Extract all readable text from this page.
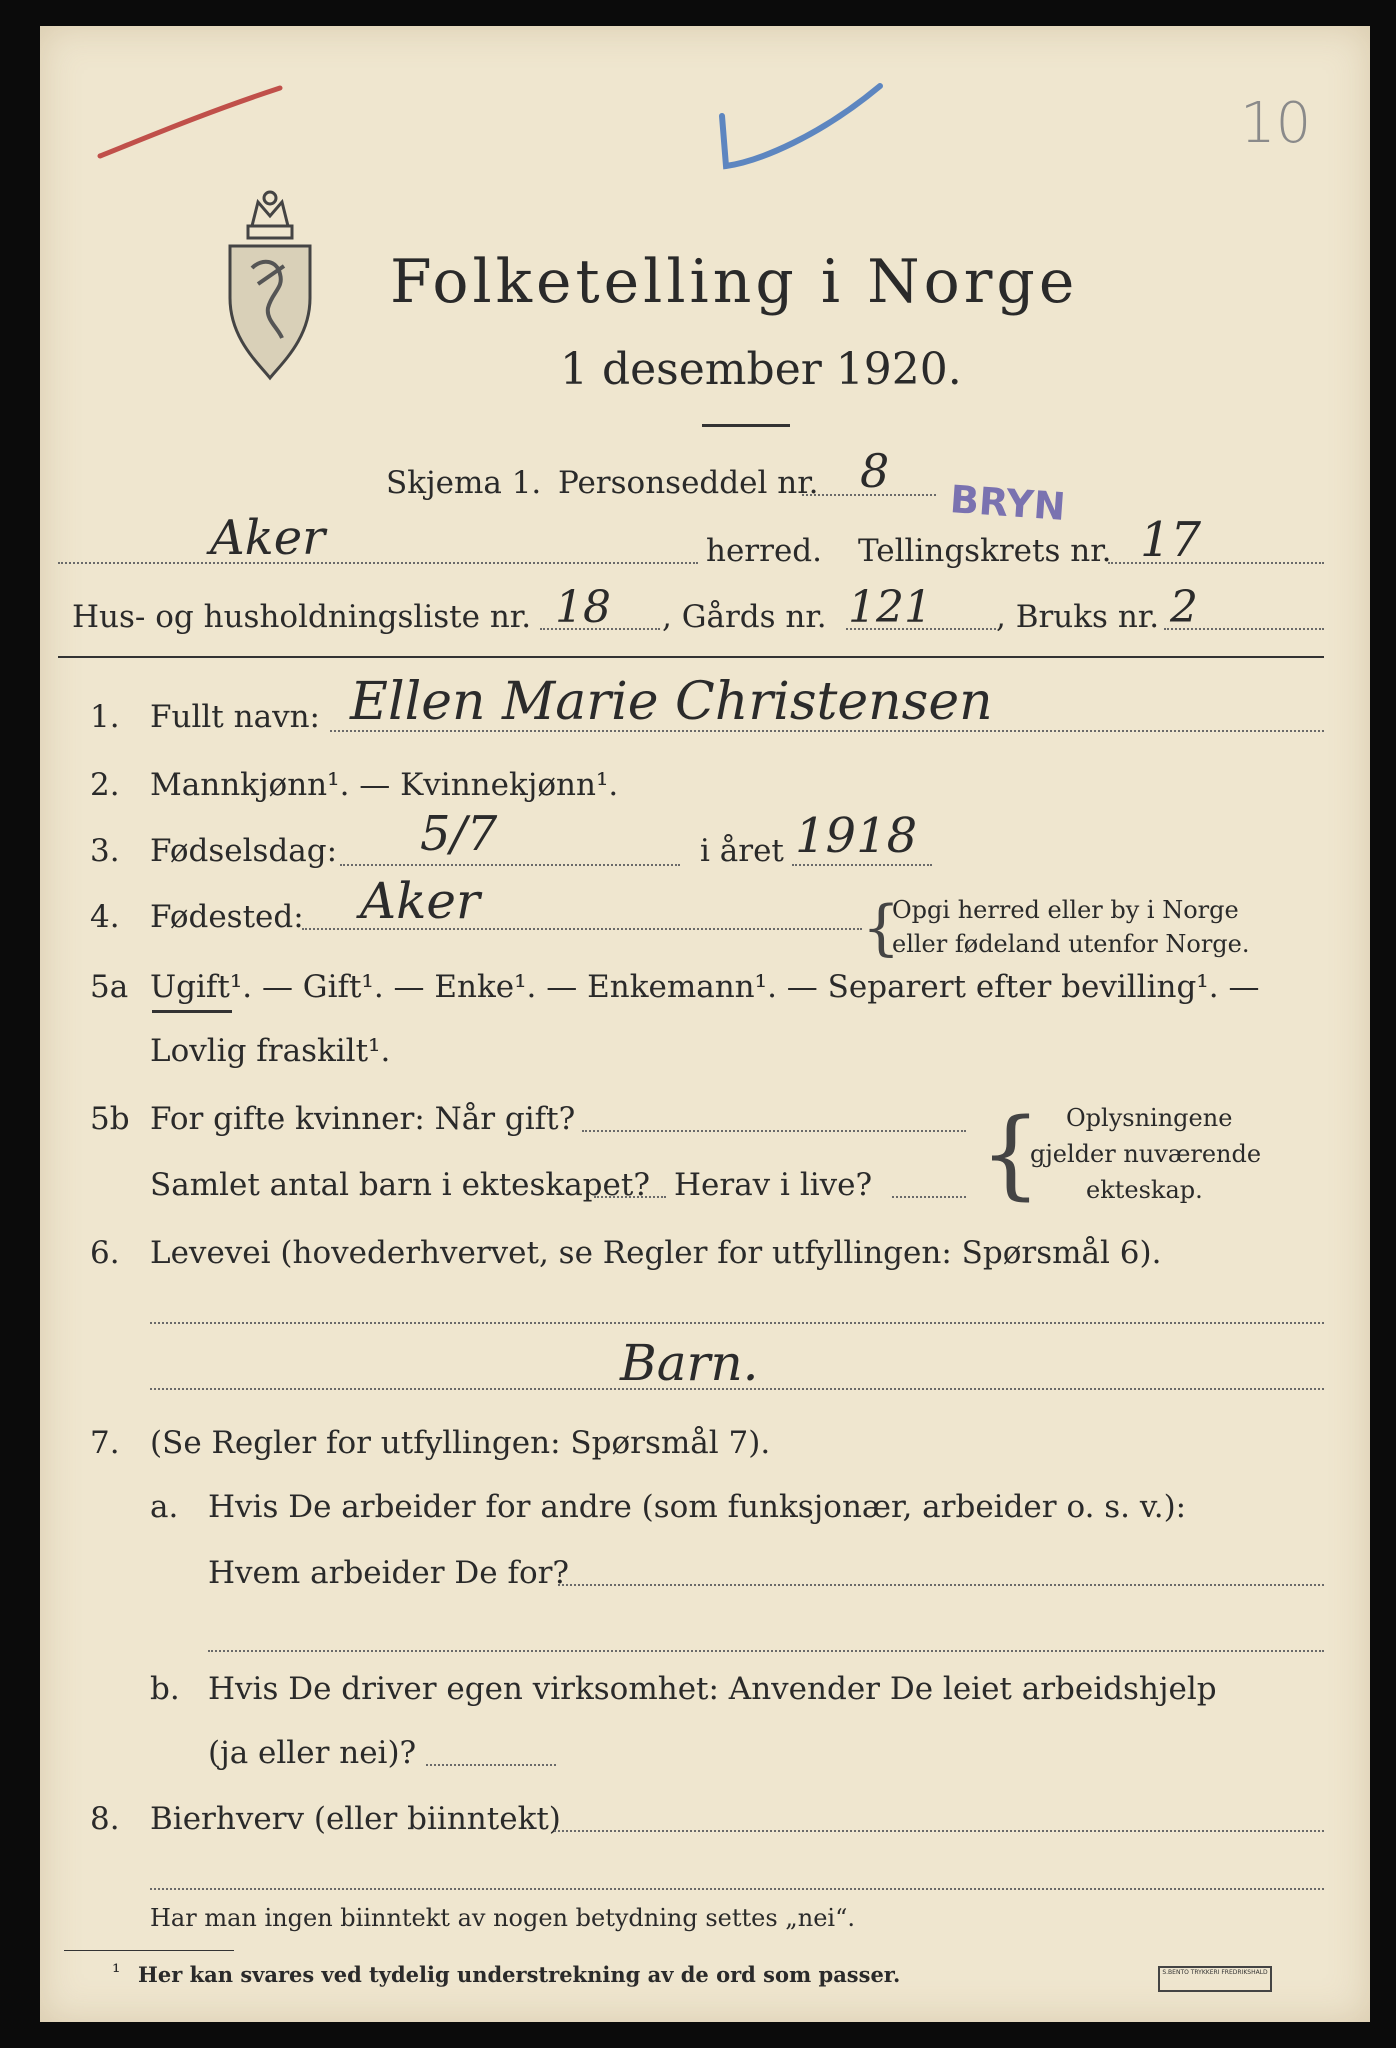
10
Folketelling i Norge
1 desember 1920.
Skjema 1. Personseddel nr. 8
BRYN
Aker	herred. Tellingskrets nr. 17
Hus- og husholdningsliste nr. 18 , Gårds nr. 121 , Bruks nr. 2
1. Fullt navn: Ellen Marie Christensen
2. Mannkjønn¹. — Kvinnekjønn¹.
3. Fødselsdag: 5/7	i året 1918
4. Fødested: Aker	{
Opgi herred eller by i Norge
eller fødeland utenfor Norge.
5a Ugift¹. — Gift¹. — Enke¹. — Enkemann¹. — Separert efter bevilling¹. —
Lovlig fraskilt¹.
5b For gifte kvinner: Når gift?
Samlet antal barn i ekteskapet? Herav i live? { Oplysningene
gjelder nuværende
ekteskap.
6. Levevei (hovederhvervet, se Regler for utfyllingen: Spørsmål 6).
Barn.
7. (Se Regler for utfyllingen: Spørsmål 7).
a. Hvis De arbeider for andre (som funksjonær, arbeider o. s. v.):
Hvem arbeider De for?
b. Hvis De driver egen virksomhet: Anvender De leiet arbeidshjelp
(ja eller nei)?
8. Bierhverv (eller biinntekt)
Har man ingen biinntekt av nogen betydning settes „nei“.
¹ Her kan svares ved tydelig understrekning av de ord som passer.	S.BENTO TRYKKERI FREDRIKSHALD
